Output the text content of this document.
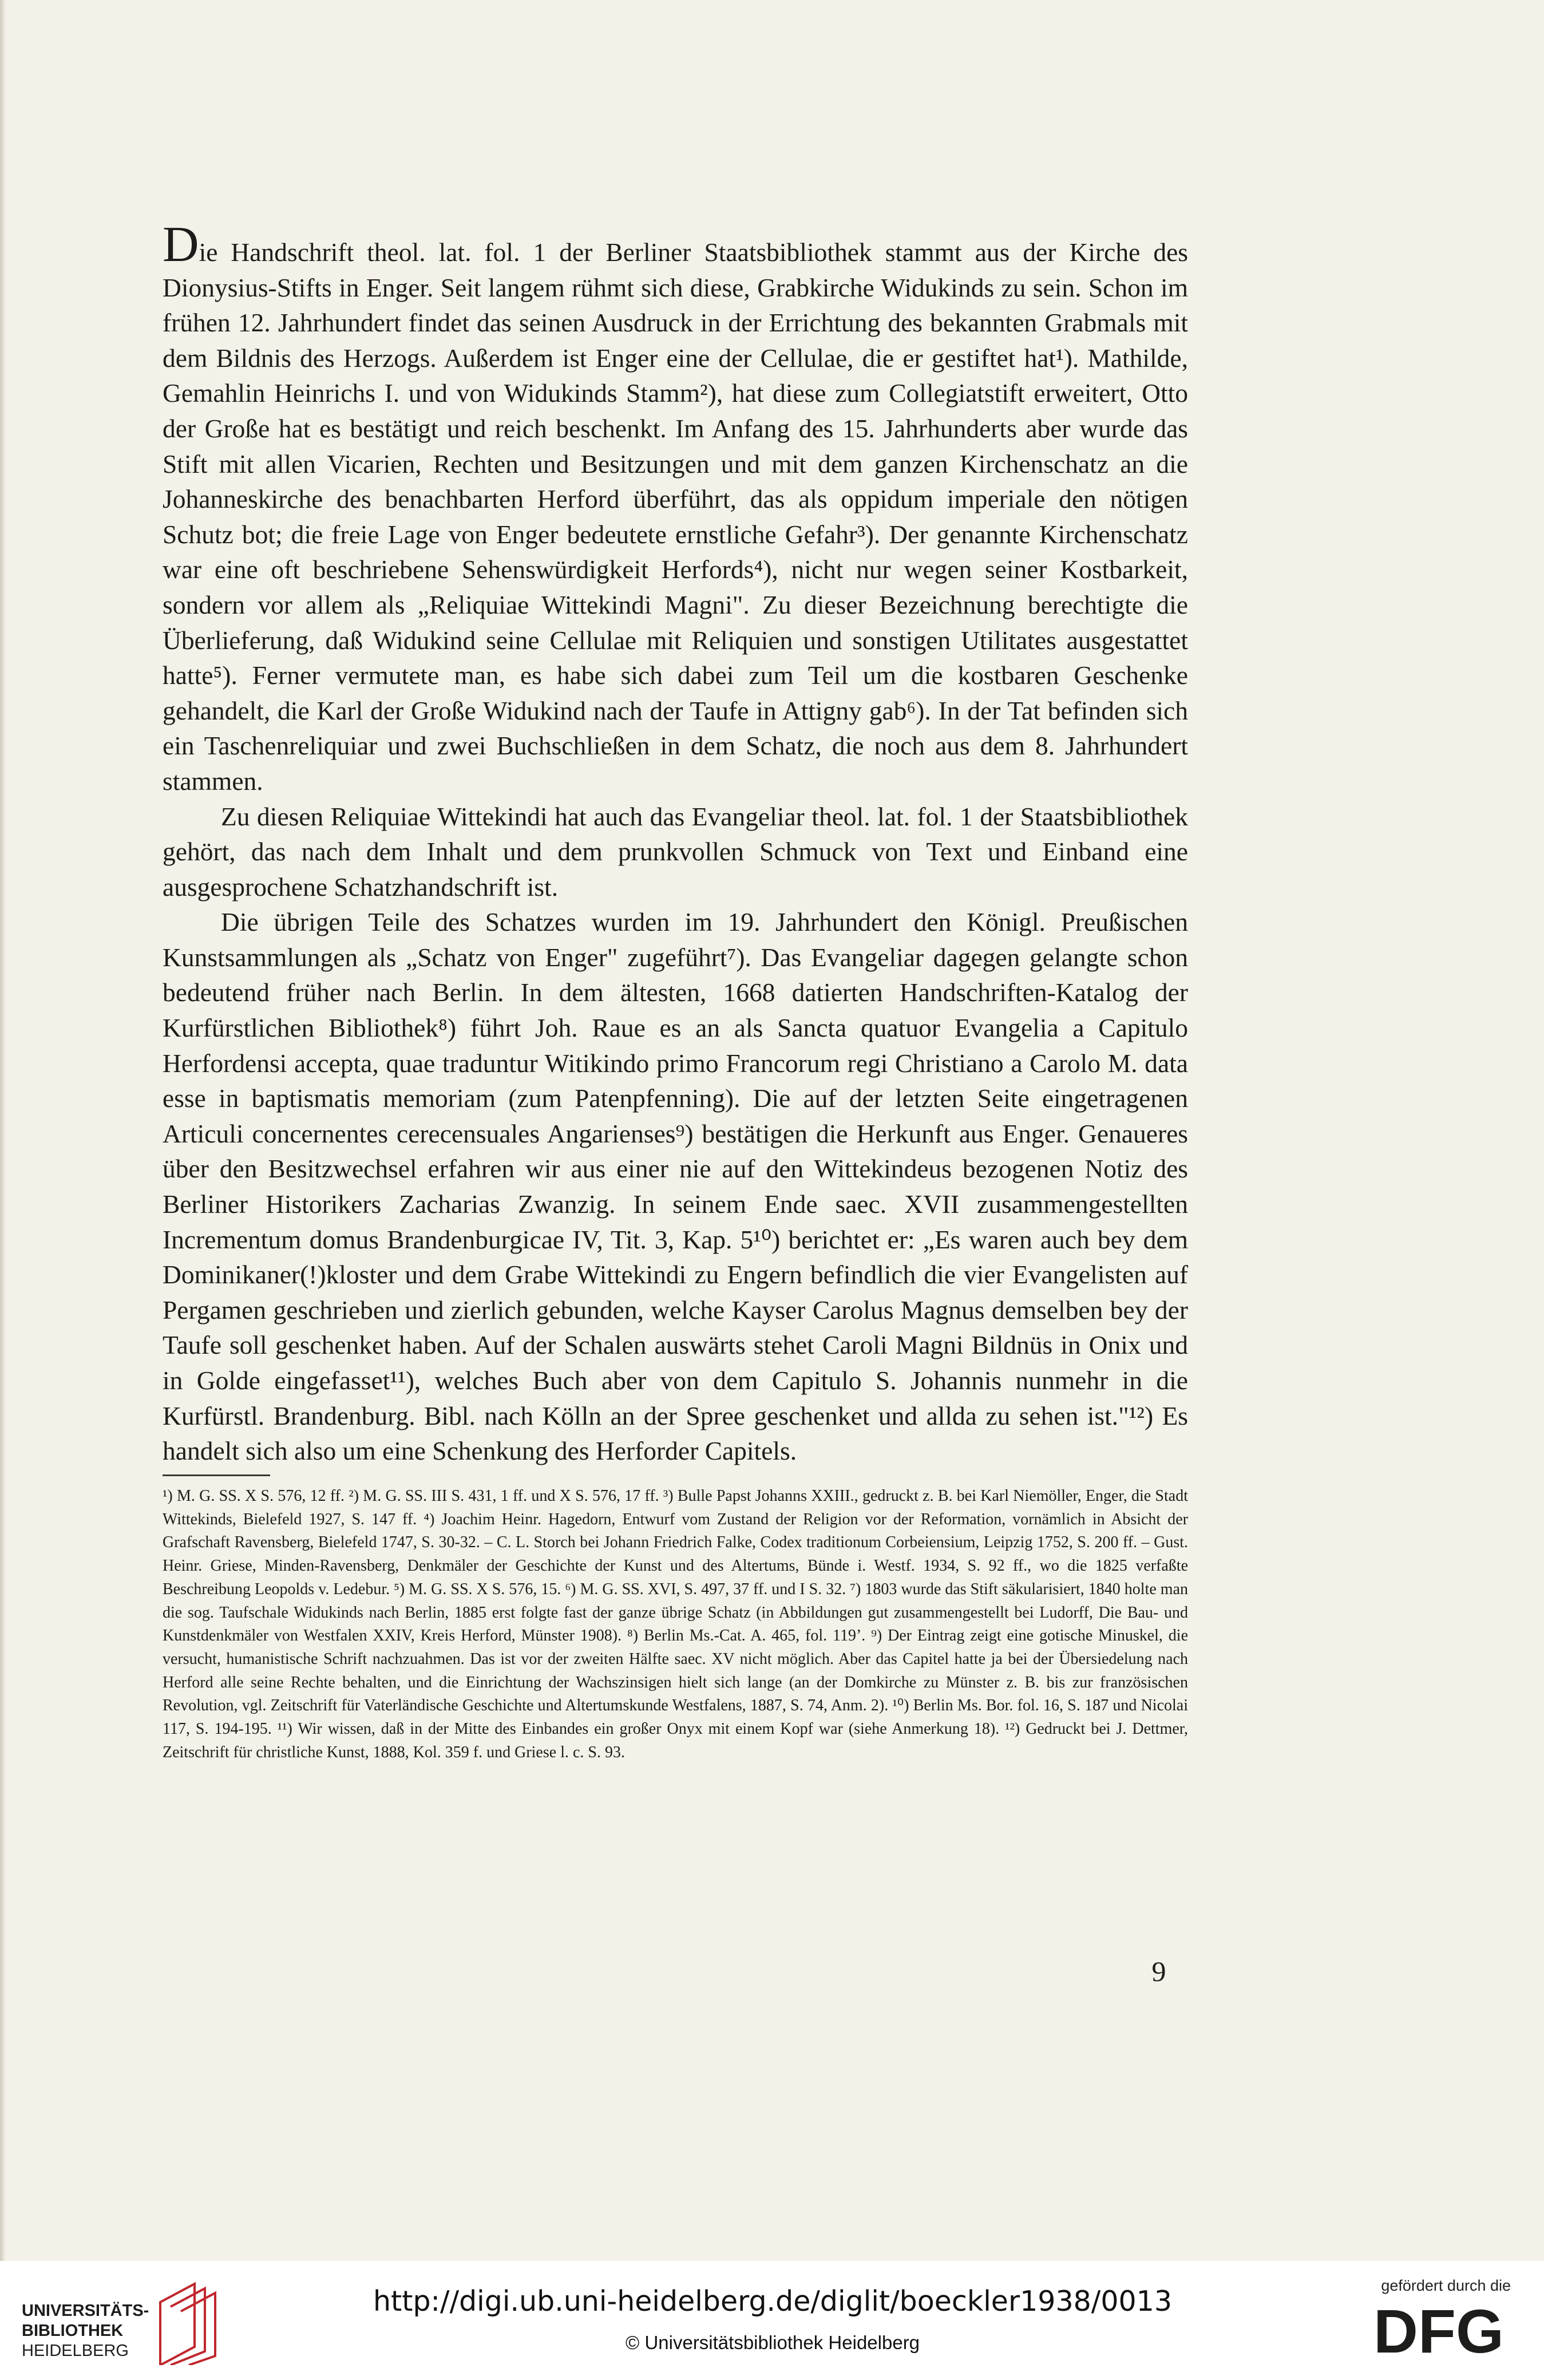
Die Handschrift theol. lat. fol. 1 der Berliner Staatsbibliothek stammt aus der Kirche des Dionysius-Stifts in Enger. Seit langem rühmt sich diese, Grabkirche Widukinds zu sein. Schon im frühen 12. Jahrhundert findet das seinen Ausdruck in der Errichtung des bekannten Grabmals mit dem Bildnis des Herzogs. Außerdem ist Enger eine der Cellulae, die er gestiftet hat¹). Mathilde, Gemahlin Heinrichs I. und von Widukinds Stamm²), hat diese zum Collegiatstift erweitert, Otto der Große hat es bestätigt und reich beschenkt. Im Anfang des 15. Jahrhunderts aber wurde das Stift mit allen Vicarien, Rechten und Besitzungen und mit dem ganzen Kirchenschatz an die Johanneskirche des benachbarten Herford überführt, das als oppidum imperiale den nötigen Schutz bot; die freie Lage von Enger bedeutete ernstliche Gefahr³). Der genannte Kirchenschatz war eine oft beschriebene Sehenswürdigkeit Herfords⁴), nicht nur wegen seiner Kostbarkeit, sondern vor allem als „Reliquiae Wittekindi Magni". Zu dieser Bezeichnung berechtigte die Überlieferung, daß Widukind seine Cellulae mit Reliquien und sonstigen Utilitates ausgestattet hatte⁵). Ferner vermutete man, es habe sich dabei zum Teil um die kostbaren Geschenke gehandelt, die Karl der Große Widukind nach der Taufe in Attigny gab⁶). In der Tat befinden sich ein Taschenreliquiar und zwei Buchschließen in dem Schatz, die noch aus dem 8. Jahrhundert stammen.

Zu diesen Reliquiae Wittekindi hat auch das Evangeliar theol. lat. fol. 1 der Staatsbibliothek gehört, das nach dem Inhalt und dem prunkvollen Schmuck von Text und Einband eine ausgesprochene Schatzhandschrift ist.

Die übrigen Teile des Schatzes wurden im 19. Jahrhundert den Königl. Preußischen Kunstsammlungen als „Schatz von Enger" zugeführt⁷). Das Evangeliar dagegen gelangte schon bedeutend früher nach Berlin. In dem ältesten, 1668 datierten Handschriften-Katalog der Kurfürstlichen Bibliothek⁸) führt Joh. Raue es an als Sancta quatuor Evangelia a Capitulo Herfordensi accepta, quae traduntur Witikindo primo Francorum regi Christiano a Carolo M. data esse in baptismatis memoriam (zum Patenpfenning). Die auf der letzten Seite eingetragenen Articuli concernentes cerecensuales Angarienses⁹) bestätigen die Herkunft aus Enger. Genaueres über den Besitzwechsel erfahren wir aus einer nie auf den Wittekindeus bezogenen Notiz des Berliner Historikers Zacharias Zwanzig. In seinem Ende saec. XVII zusammengestellten Incrementum domus Brandenburgicae IV, Tit. 3, Kap. 5¹⁰) berichtet er: „Es waren auch bey dem Dominikaner(!)kloster und dem Grabe Wittekindi zu Engern befindlich die vier Evangelisten auf Pergamen geschrieben und zierlich gebunden, welche Kayser Carolus Magnus demselben bey der Taufe soll geschenket haben. Auf der Schalen auswärts stehet Caroli Magni Bildnüs in Onix und in Golde eingefasset¹¹), welches Buch aber von dem Capitulo S. Johannis nunmehr in die Kurfürstl. Brandenburg. Bibl. nach Kölln an der Spree geschenket und allda zu sehen ist."¹²) Es handelt sich also um eine Schenkung des Herforder Capitels.

¹) M. G. SS. X S. 576, 12 ff. ²) M. G. SS. III S. 431, 1 ff. und X S. 576, 17 ff. ³) Bulle Papst Johanns XXIII., gedruckt z. B. bei Karl Niemöller, Enger, die Stadt Wittekinds, Bielefeld 1927, S. 147 ff. ⁴) Joachim Heinr. Hagedorn, Entwurf vom Zustand der Religion vor der Reformation, vornämlich in Absicht der Grafschaft Ravensberg, Bielefeld 1747, S. 30-32. – C. L. Storch bei Johann Friedrich Falke, Codex traditionum Corbeiensium, Leipzig 1752, S. 200 ff. – Gust. Heinr. Griese, Minden-Ravensberg, Denkmäler der Geschichte der Kunst und des Altertums, Bünde i. Westf. 1934, S. 92 ff., wo die 1825 verfaßte Beschreibung Leopolds v. Ledebur. ⁵) M. G. SS. X S. 576, 15. ⁶) M. G. SS. XVI, S. 497, 37 ff. und I S. 32. ⁷) 1803 wurde das Stift säkularisiert, 1840 holte man die sog. Taufschale Widukinds nach Berlin, 1885 erst folgte fast der ganze übrige Schatz (in Abbildungen gut zusammengestellt bei Ludorff, Die Bau- und Kunstdenkmäler von Westfalen XXIV, Kreis Herford, Münster 1908). ⁸) Berlin Ms.-Cat. A. 465, fol. 119ʼ. ⁹) Der Eintrag zeigt eine gotische Minuskel, die versucht, humanistische Schrift nachzuahmen. Das ist vor der zweiten Hälfte saec. XV nicht möglich. Aber das Capitel hatte ja bei der Übersiedelung nach Herford alle seine Rechte behalten, und die Einrichtung der Wachszinsigen hielt sich lange (an der Domkirche zu Münster z. B. bis zur französischen Revolution, vgl. Zeitschrift für Vaterländische Geschichte und Altertumskunde Westfalens, 1887, S. 74, Anm. 2). ¹⁰) Berlin Ms. Bor. fol. 16, S. 187 und Nicolai 117, S. 194-195. ¹¹) Wir wissen, daß in der Mitte des Einbandes ein großer Onyx mit einem Kopf war (siehe Anmerkung 18). ¹²) Gedruckt bei J. Dettmer, Zeitschrift für christliche Kunst, 1888, Kol. 359 f. und Griese l. c. S. 93.
9
UNIVERSITÄTS-
BIBLIOTHEK
HEIDELBERG
http://digi.ub.uni-heidelberg.de/diglit/boeckler1938/0013
© Universitätsbibliothek Heidelberg
gefördert durch die
DFG
